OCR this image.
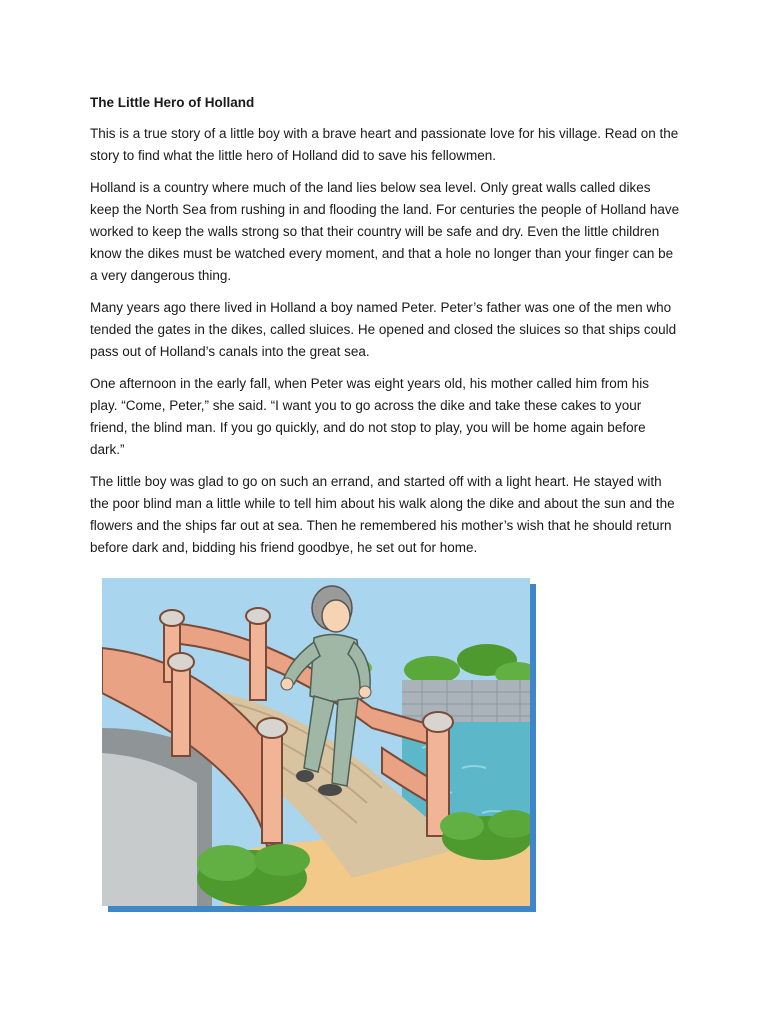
The Little Hero of Holland

This is a true story of a little boy with a brave heart and passionate love for his village. Read on the story to find what the little hero of Holland did to save his fellowmen.

Holland is a country where much of the land lies below sea level. Only great walls called dikes keep the North Sea from rushing in and flooding the land. For centuries the people of Holland have worked to keep the walls strong so that their country will be safe and dry. Even the little children know the dikes must be watched every moment, and that a hole no longer than your finger can be a very dangerous thing.

Many years ago there lived in Holland a boy named Peter. Peter’s father was one of the men who tended the gates in the dikes, called sluices. He opened and closed the sluices so that ships could pass out of Holland’s canals into the great sea.

One afternoon in the early fall, when Peter was eight years old, his mother called him from his play. “Come, Peter,” she said. “I want you to go across the dike and take these cakes to your friend, the blind man. If you go quickly, and do not stop to play, you will be home again before dark.”

The little boy was glad to go on such an errand, and started off with a light heart. He stayed with the poor blind man a little while to tell him about his walk along the dike and about the sun and the flowers and the ships far out at sea. Then he remembered his mother’s wish that he should return before dark and, bidding his friend goodbye, he set out for home.
